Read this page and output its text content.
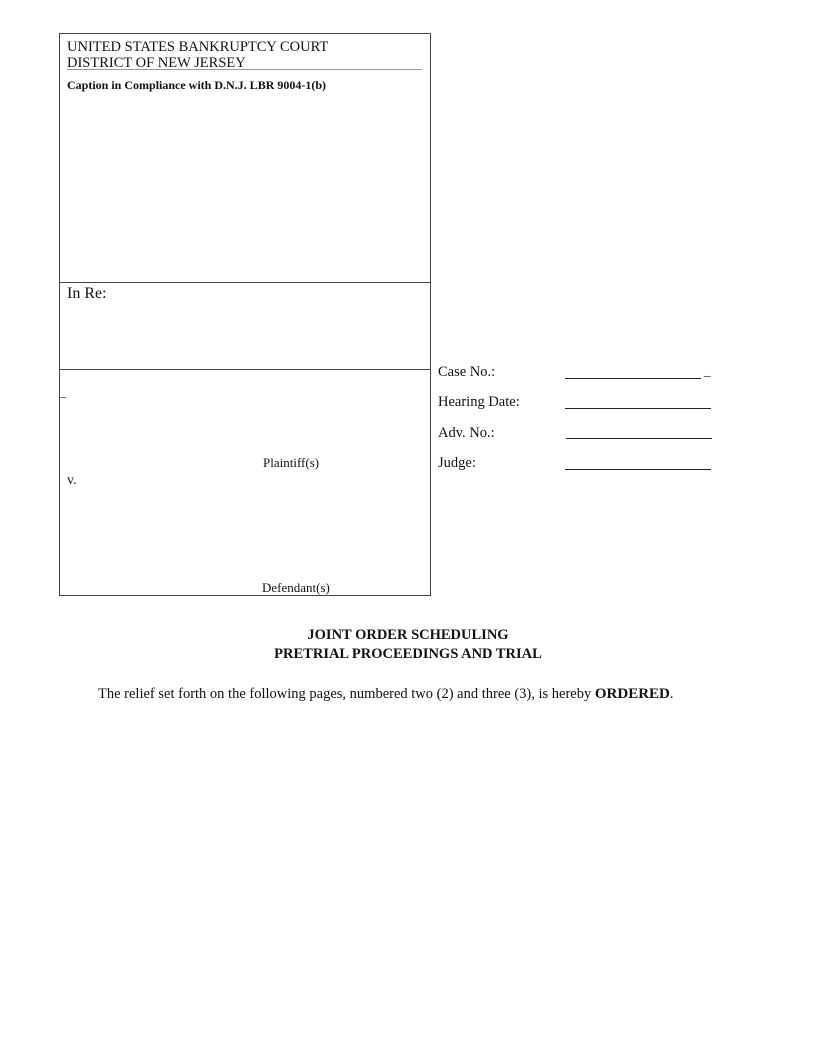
UNITED STATES BANKRUPTCY COURT
DISTRICT OF NEW JERSEY
Caption in Compliance with D.N.J. LBR 9004-1(b)
In Re:
_
Plaintiff(s)
v.
Defendant(s)
Case No.:	_
Hearing Date:
Adv. No.:
Judge:
JOINT ORDER SCHEDULING
PRETRIAL PROCEEDINGS AND TRIAL
The relief set forth on the following pages, numbered two (2) and three (3), is hereby ORDERED.
